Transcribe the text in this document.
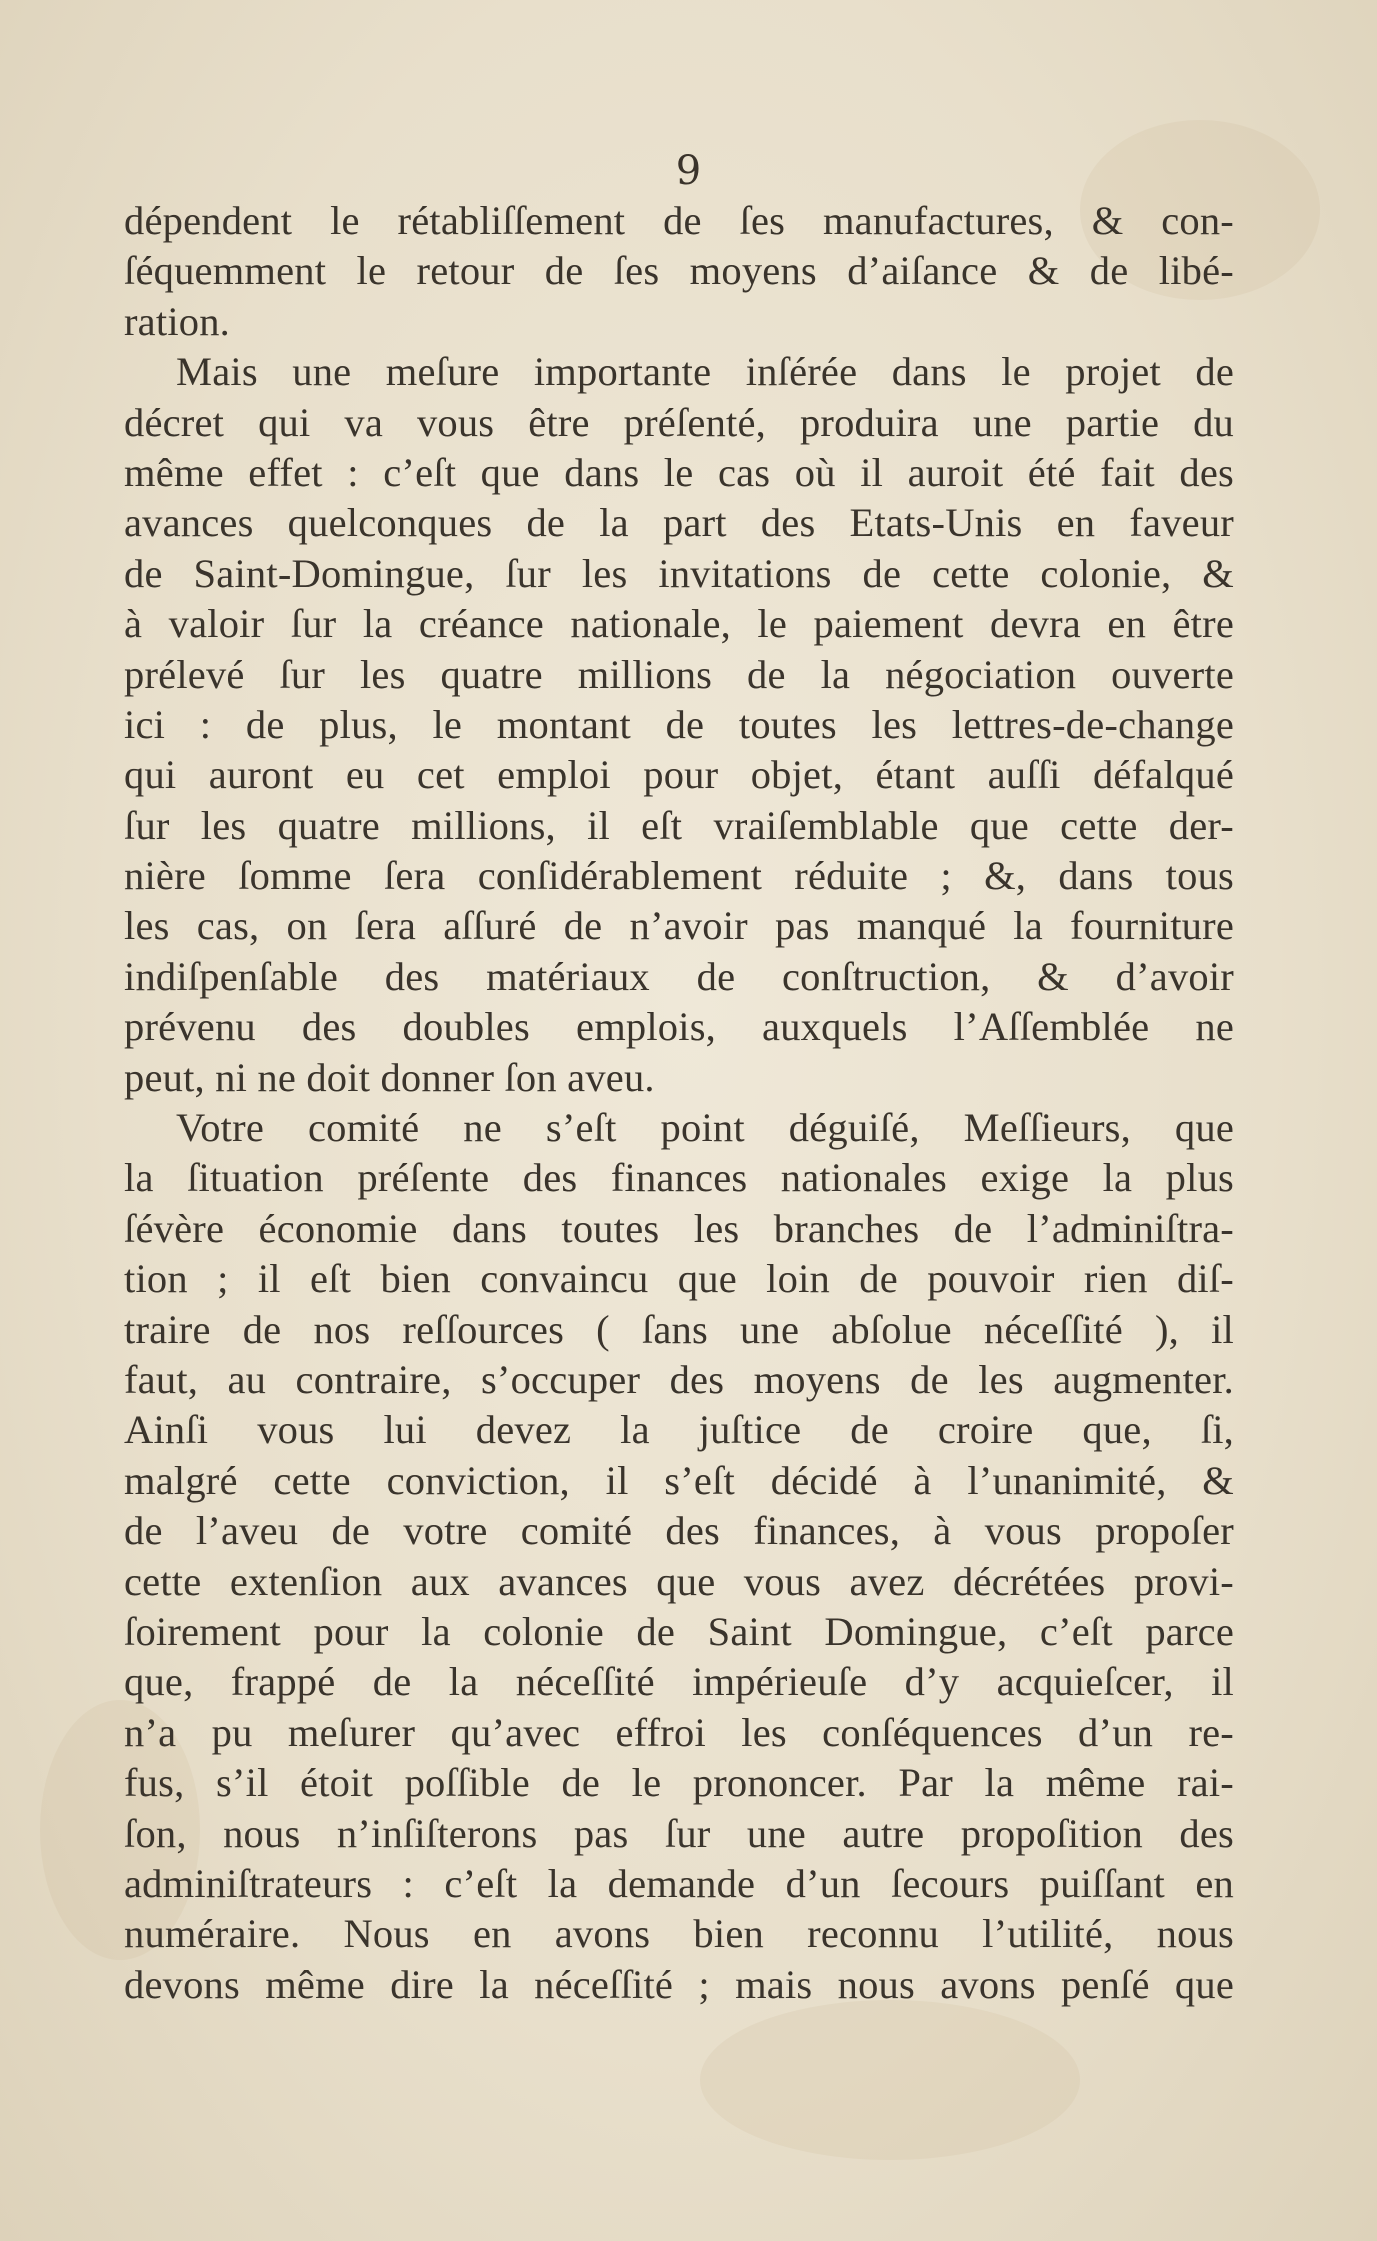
9
dépendent le rétabliſſement de ſes manufactures, & con-
ſéquemment le retour de ſes moyens d’aiſance & de libé-
ration.
Mais une meſure importante inſérée dans le projet de
décret qui va vous être préſenté, produira une partie du
même effet : c’eſt que dans le cas où il auroit été fait des
avances quelconques de la part des Etats-Unis en faveur
de Saint-Domingue, ſur les invitations de cette colonie, &
à valoir ſur la créance nationale, le paiement devra en être
prélevé ſur les quatre millions de la négociation ouverte
ici : de plus, le montant de toutes les lettres-de-change
qui auront eu cet emploi pour objet, étant auſſi défalqué
ſur les quatre millions, il eſt vraiſemblable que cette der-
nière ſomme ſera conſidérablement réduite ; &, dans tous
les cas, on ſera aſſuré de n’avoir pas manqué la fourniture
indiſpenſable des matériaux de conſtruction, & d’avoir
prévenu des doubles emplois, auxquels l’Aſſemblée ne
peut, ni ne doit donner ſon aveu.
Votre comité ne s’eſt point déguiſé, Meſſieurs, que
la ſituation préſente des finances nationales exige la plus
ſévère économie dans toutes les branches de l’adminiſtra-
tion ; il eſt bien convaincu que loin de pouvoir rien diſ-
traire de nos reſſources ( ſans une abſolue néceſſité ), il
faut, au contraire, s’occuper des moyens de les augmenter.
Ainſi vous lui devez la juſtice de croire que, ſi,
malgré cette conviction, il s’eſt décidé à l’unanimité, &
de l’aveu de votre comité des finances, à vous propoſer
cette extenſion aux avances que vous avez décrétées provi-
ſoirement pour la colonie de Saint Domingue, c’eſt parce
que, frappé de la néceſſité impérieuſe d’y acquieſcer, il
n’a pu meſurer qu’avec effroi les conſéquences d’un re-
fus, s’il étoit poſſible de le prononcer. Par la même rai-
ſon, nous n’inſiſterons pas ſur une autre propoſition des
adminiſtrateurs : c’eſt la demande d’un ſecours puiſſant en
numéraire. Nous en avons bien reconnu l’utilité, nous
devons même dire la néceſſité ; mais nous avons penſé que
